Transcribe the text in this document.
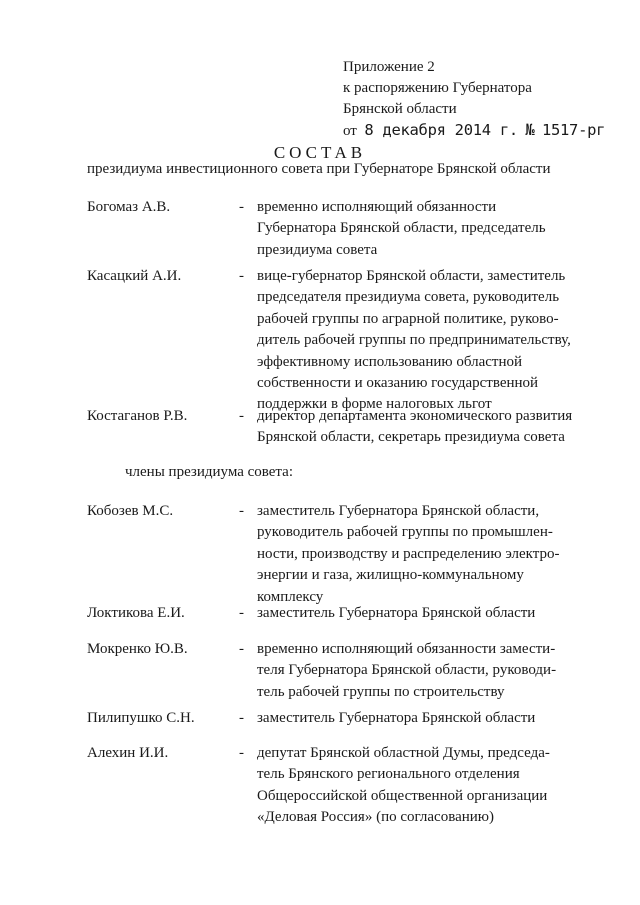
Приложение 2
к распоряжению Губернатора
Брянской области
от 8 декабря 2014 г. № 1517-рг
СОСТАВ
президиума инвестиционного совета при Губернаторе Брянской области
Богомаз А.В.	- временно исполняющий обязанности
Губернатора Брянской области, председатель
президиума совета
Касацкий А.И.	- вице-губернатор Брянской области, заместитель
председателя президиума совета, руководитель
рабочей группы по аграрной политике, руково-
дитель рабочей группы по предпринимательству,
эффективному использованию областной
собственности и оказанию государственной
поддержки в форме налоговых льгот
Костаганов Р.В.	- директор департамента экономического развития
Брянской области, секретарь президиума совета
члены президиума совета:
Кобозев М.С.	- заместитель Губернатора Брянской области,
руководитель рабочей группы по промышлен-
ности, производству и распределению электро-
энергии и газа, жилищно-коммунальному
комплексу
Локтикова Е.И.	- заместитель Губернатора Брянской области
Мокренко Ю.В.	- временно исполняющий обязанности замести-
теля Губернатора Брянской области, руководи-
тель рабочей группы по строительству
Пилипушко С.Н.	- заместитель Губернатора Брянской области
Алехин И.И.	- депутат Брянской областной Думы, председа-
тель Брянского регионального отделения
Общероссийской общественной организации
«Деловая Россия» (по согласованию)
